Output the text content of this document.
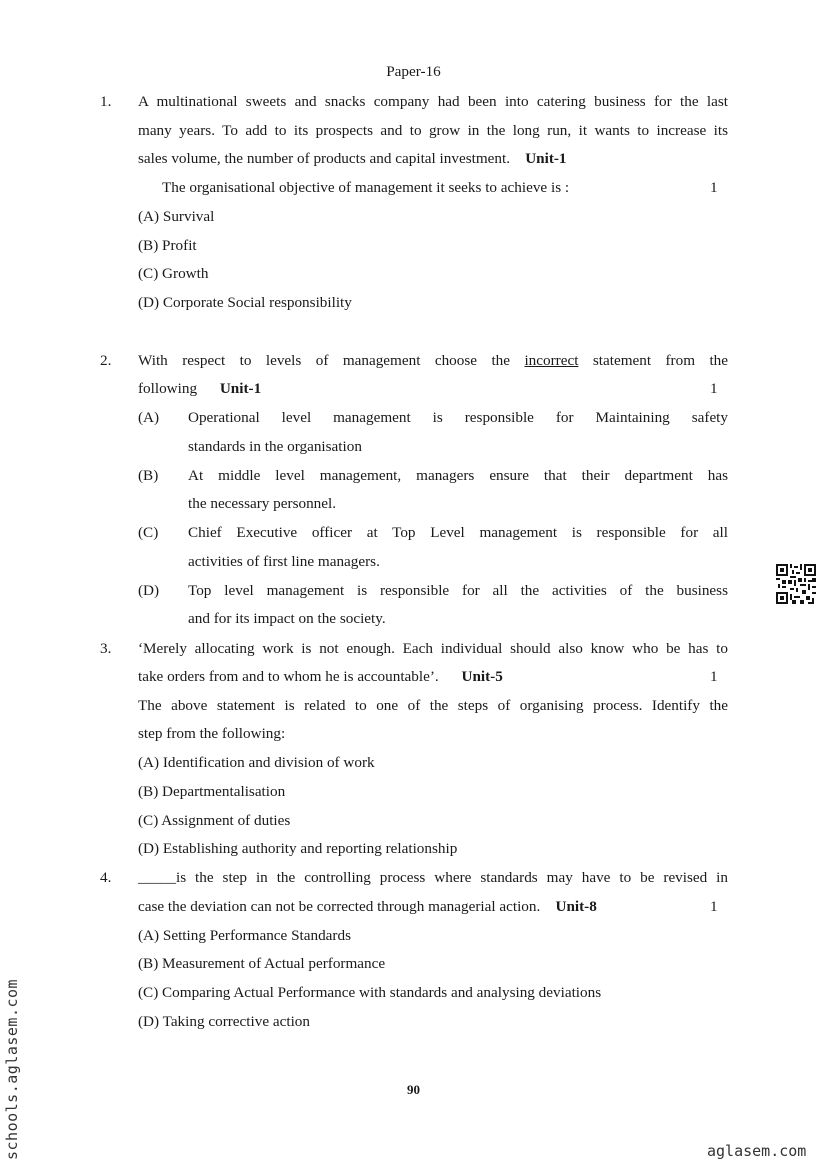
Paper-16
1. A multinational sweets and snacks company had been into catering business for the last
many years. To add to its prospects and to grow in the long run, it wants to increase its
sales volume, the number of products and capital investment. Unit-1
The organisational objective of management it seeks to achieve is :	1
(A) Survival
(B) Profit
(C) Growth
(D) Corporate Social responsibility
2. With respect to levels of management choose the incorrect statement from the
following Unit-1	1
(A) Operational level management is responsible for Maintaining safety
standards in the organisation
(B) At middle level management, managers ensure that their department has
the necessary personnel.
(C) Chief Executive officer at Top Level management is responsible for all
activities of first line managers.
(D) Top level management is responsible for all the activities of the business
and for its impact on the society.
3. ‘Merely allocating work is not enough. Each individual should also know who be has to
take orders from and to whom he is accountable’. Unit-5	1
The above statement is related to one of the steps of organising process. Identify the
step from the following:
(A) Identification and division of work
(B) Departmentalisation
(C) Assignment of duties
(D) Establishing authority and reporting relationship
4. _____is the step in the controlling process where standards may have to be revised in
case the deviation can not be corrected through managerial action. Unit-8	1
(A) Setting Performance Standards
(B) Measurement of Actual performance
(C) Comparing Actual Performance with standards and analysing deviations
(D) Taking corrective action
90
schools.aglasem.com	aglasem.com
